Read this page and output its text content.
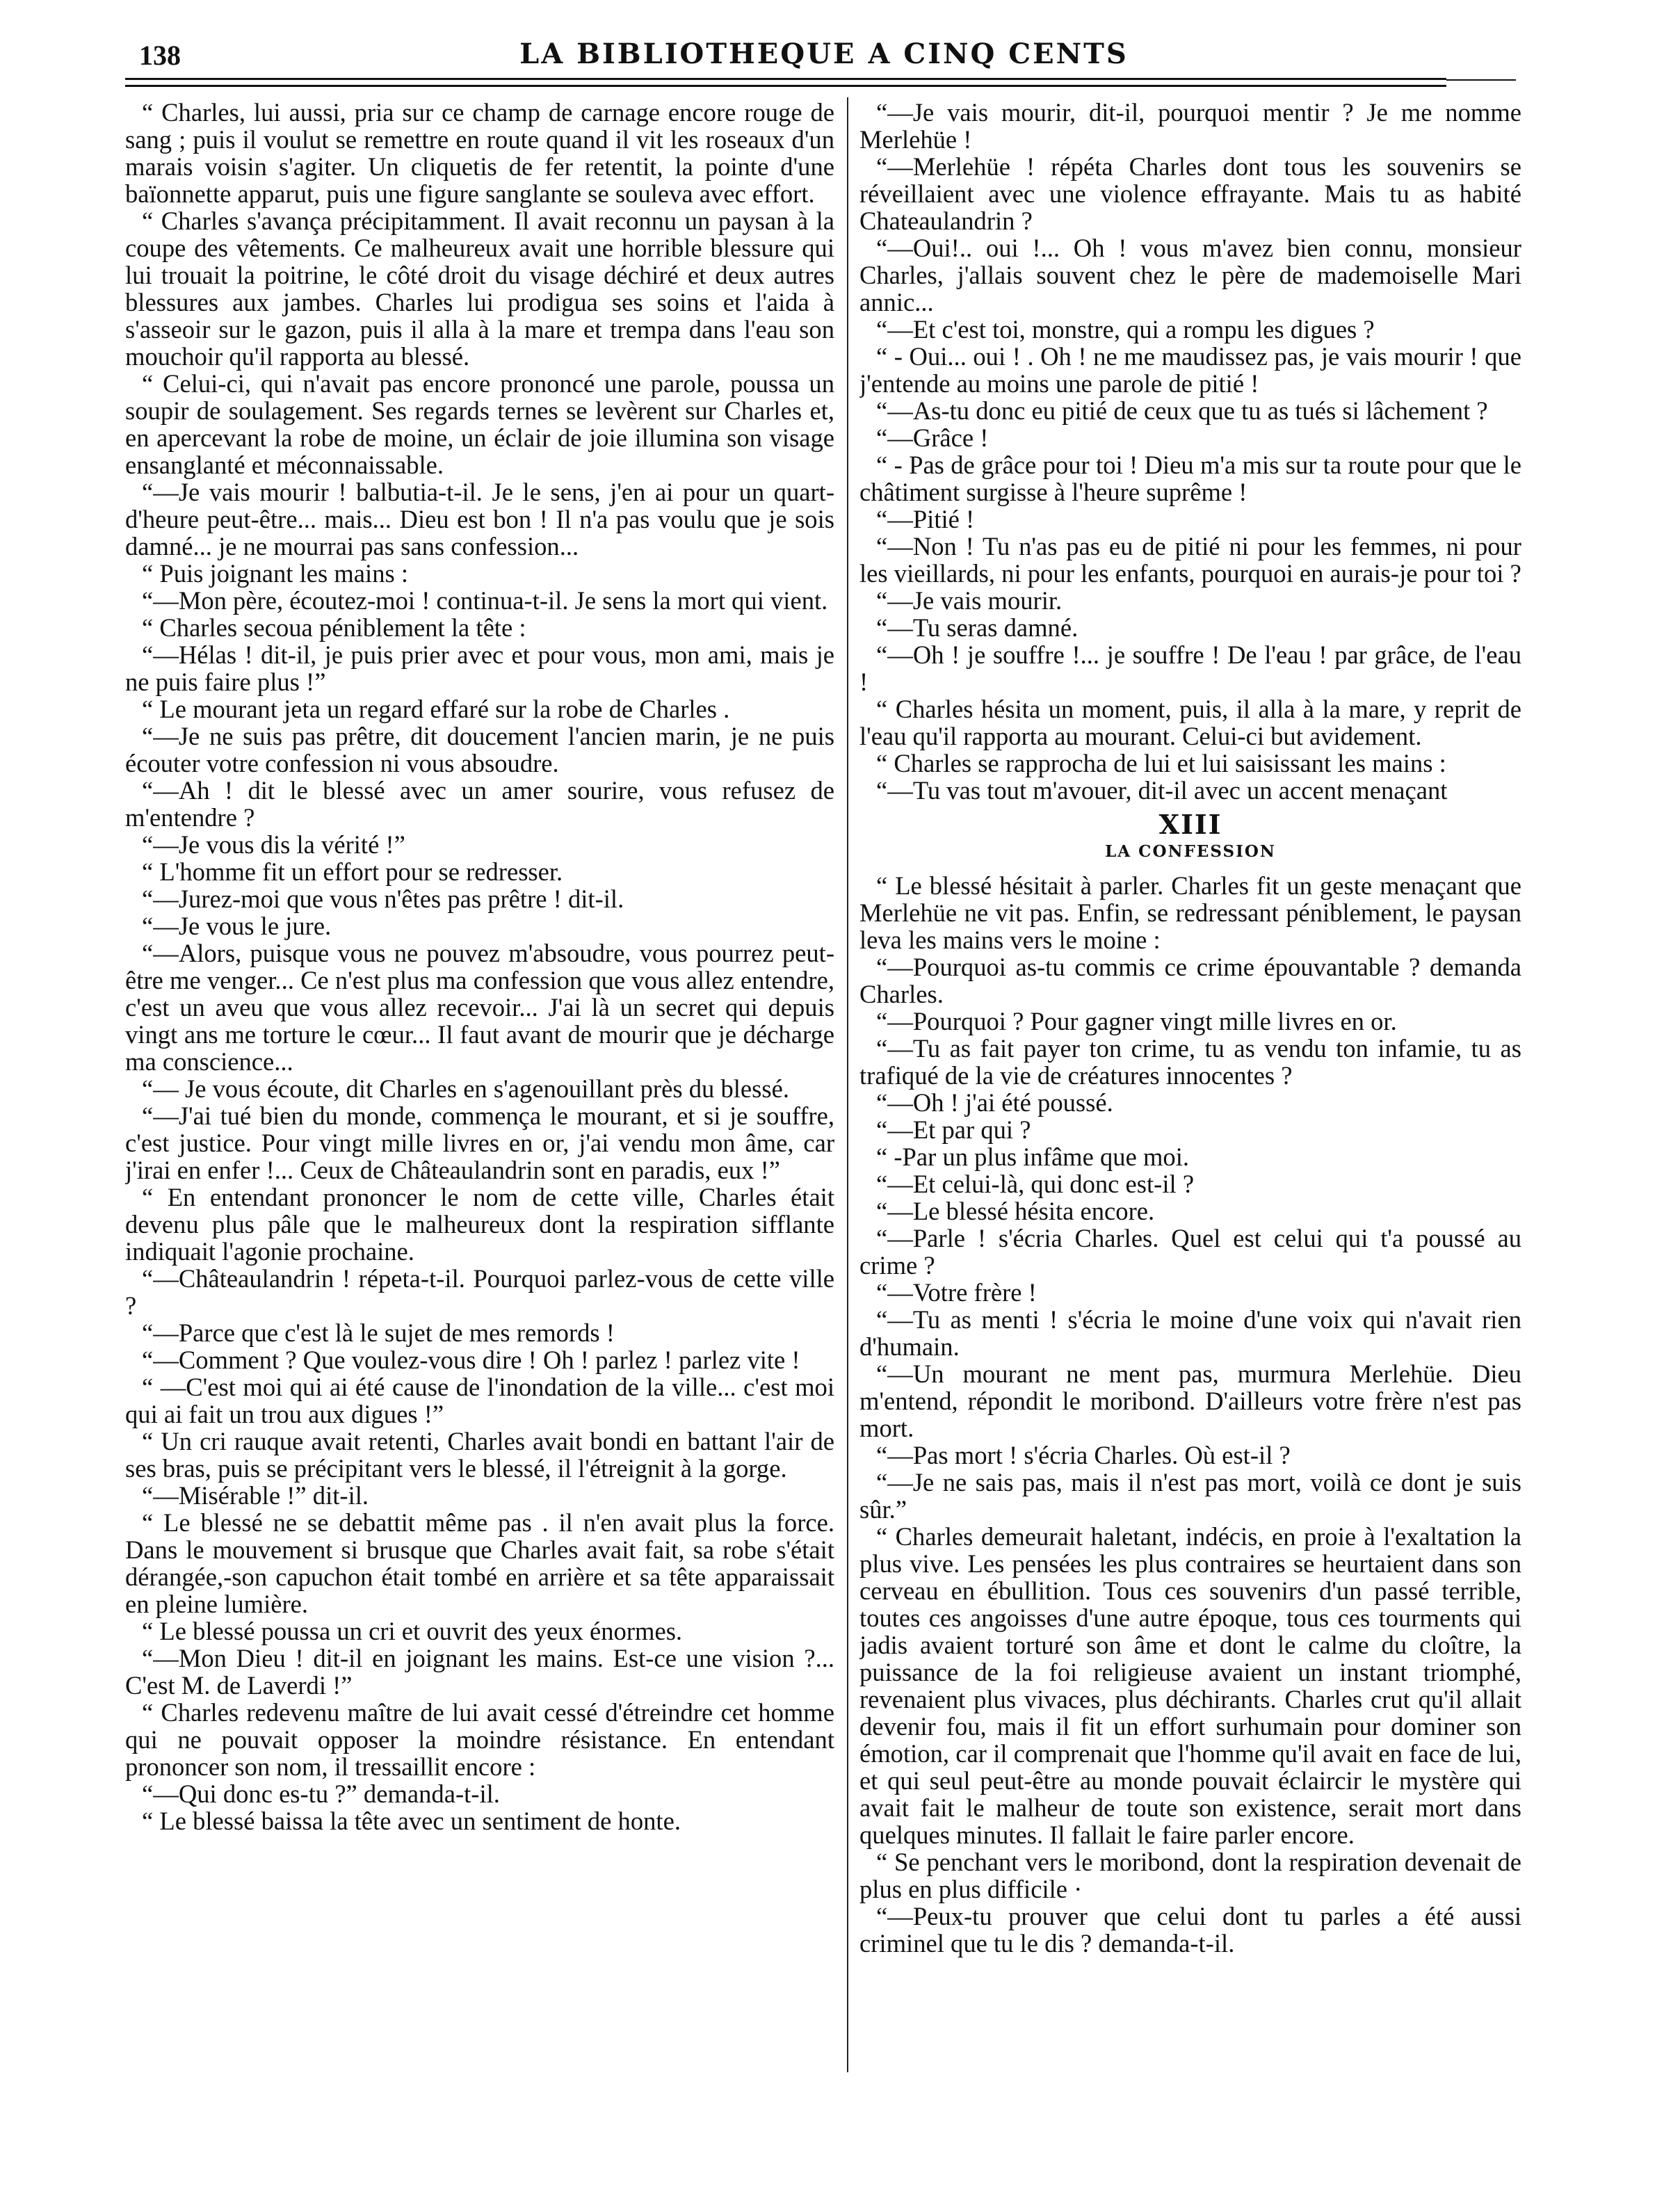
138	LA BIBLIOTHEQUE A CINQ CENTS

“ Charles, lui aussi, pria sur ce champ de carnage encore rouge de sang ; puis il voulut se remettre en route quand il vit les roseaux d'un marais voisin s'agiter. Un cliquetis de fer retentit, la pointe d'une baïonnette apparut, puis une figure sanglante se souleva avec effort.

“ Charles s'avança précipitamment. Il avait reconnu un paysan à la coupe des vêtements. Ce malheureux avait une horrible blessure qui lui trouait la poitrine, le côté droit du visage déchiré et deux autres blessures aux jambes. Charles lui prodigua ses soins et l'aida à s'asseoir sur le gazon, puis il alla à la mare et trempa dans l'eau son mouchoir qu'il rapporta au blessé.

“ Celui-ci, qui n'avait pas encore prononcé une parole, poussa un soupir de soulagement. Ses regards ternes se levèrent sur Charles et, en apercevant la robe de moine, un éclair de joie illumina son visage ensanglanté et méconnaissable.

“—Je vais mourir ! balbutia-t-il. Je le sens, j'en ai pour un quart-d'heure peut-être... mais... Dieu est bon ! Il n'a pas voulu que je sois damné... je ne mourrai pas sans confession...

“ Puis joignant les mains :

“—Mon père, écoutez-moi ! continua-t-il. Je sens la mort qui vient.

“ Charles secoua péniblement la tête :

“—Hélas ! dit-il, je puis prier avec et pour vous, mon ami, mais je ne puis faire plus !”

“ Le mourant jeta un regard effaré sur la robe de Charles .

“—Je ne suis pas prêtre, dit doucement l'ancien marin, je ne puis écouter votre confession ni vous absoudre.

“—Ah ! dit le blessé avec un amer sourire, vous refusez de m'entendre ?

“—Je vous dis la vérité !”

“ L'homme fit un effort pour se redresser.

“—Jurez-moi que vous n'êtes pas prêtre ! dit-il.

“—Je vous le jure.

“—Alors, puisque vous ne pouvez m'absoudre, vous pourrez peut-être me venger... Ce n'est plus ma confession que vous allez entendre, c'est un aveu que vous allez recevoir... J'ai là un secret qui depuis vingt ans me torture le cœur... Il faut avant de mourir que je décharge ma conscience...

“— Je vous écoute, dit Charles en s'agenouillant près du blessé.

“—J'ai tué bien du monde, commença le mourant, et si je souffre, c'est justice. Pour vingt mille livres en or, j'ai vendu mon âme, car j'irai en enfer !... Ceux de Châteaulandrin sont en paradis, eux !”

“ En entendant prononcer le nom de cette ville, Charles était devenu plus pâle que le malheureux dont la respiration sifflante indiquait l'agonie prochaine.

“—Châteaulandrin ! répeta-t-il. Pourquoi parlez-vous de cette ville ?

“—Parce que c'est là le sujet de mes remords !

“—Comment ? Que voulez-vous dire ! Oh ! parlez ! parlez vite !

“ —C'est moi qui ai été cause de l'inondation de la ville... c'est moi qui ai fait un trou aux digues !”

“ Un cri rauque avait retenti, Charles avait bondi en battant l'air de ses bras, puis se précipitant vers le blessé, il l'étreignit à la gorge.

“—Misérable !” dit-il.

“ Le blessé ne se debattit même pas . il n'en avait plus la force. Dans le mouvement si brusque que Charles avait fait, sa robe s'était dérangée,-son capuchon était tombé en arrière et sa tête apparaissait en pleine lumière.

“ Le blessé poussa un cri et ouvrit des yeux énormes.

“—Mon Dieu ! dit-il en joignant les mains. Est-ce une vision ?... C'est M. de Laverdi !”

“ Charles redevenu maître de lui avait cessé d'étreindre cet homme qui ne pouvait opposer la moindre résistance. En entendant prononcer son nom, il tressaillit encore :

“—Qui donc es-tu ?” demanda-t-il.

“ Le blessé baissa la tête avec un sentiment de honte.

“—Je vais mourir, dit-il, pourquoi mentir ? Je me nomme Merlehüe !

“—Merlehüe ! répéta Charles dont tous les souvenirs se réveillaient avec une violence effrayante. Mais tu as habité Chateaulandrin ?

“—Oui!.. oui !... Oh ! vous m'avez bien connu, monsieur Charles, j'allais souvent chez le père de mademoiselle Mari annic...

“—Et c'est toi, monstre, qui a rompu les digues ?

“ - Oui... oui ! . Oh ! ne me maudissez pas, je vais mourir ! que j'entende au moins une parole de pitié !

“—As-tu donc eu pitié de ceux que tu as tués si lâchement ?

“—Grâce !

“ - Pas de grâce pour toi ! Dieu m'a mis sur ta route pour que le châtiment surgisse à l'heure suprême !

“—Pitié !

“—Non ! Tu n'as pas eu de pitié ni pour les femmes, ni pour les vieillards, ni pour les enfants, pourquoi en aurais-je pour toi ?

“—Je vais mourir.

“—Tu seras damné.

“—Oh ! je souffre !... je souffre ! De l'eau ! par grâce, de l'eau !

“ Charles hésita un moment, puis, il alla à la mare, y reprit de l'eau qu'il rapporta au mourant. Celui-ci but avidement.

“ Charles se rapprocha de lui et lui saisissant les mains :

“—Tu vas tout m'avouer, dit-il avec un accent menaçant

XIII
LA CONFESSION

“ Le blessé hésitait à parler. Charles fit un geste menaçant que Merlehüe ne vit pas. Enfin, se redressant péniblement, le paysan leva les mains vers le moine :

“—Pourquoi as-tu commis ce crime épouvantable ? demanda Charles.

“—Pourquoi ? Pour gagner vingt mille livres en or.

“—Tu as fait payer ton crime, tu as vendu ton infamie, tu as trafiqué de la vie de créatures innocentes ?

“—Oh ! j'ai été poussé.

“—Et par qui ?

“ -Par un plus infâme que moi.

“—Et celui-là, qui donc est-il ?

“—Le blessé hésita encore.

“—Parle ! s'écria Charles. Quel est celui qui t'a poussé au crime ?

“—Votre frère !

“—Tu as menti ! s'écria le moine d'une voix qui n'avait rien d'humain.

“—Un mourant ne ment pas, murmura Merlehüe. Dieu m'entend, répondit le moribond. D'ailleurs votre frère n'est pas mort.

“—Pas mort ! s'écria Charles. Où est-il ?

“—Je ne sais pas, mais il n'est pas mort, voilà ce dont je suis sûr.”

“ Charles demeurait haletant, indécis, en proie à l'exaltation la plus vive. Les pensées les plus contraires se heurtaient dans son cerveau en ébullition. Tous ces souvenirs d'un passé terrible, toutes ces angoisses d'une autre époque, tous ces tourments qui jadis avaient torturé son âme et dont le calme du cloître, la puissance de la foi religieuse avaient un instant triomphé, revenaient plus vivaces, plus déchirants. Charles crut qu'il allait devenir fou, mais il fit un effort surhumain pour dominer son émotion, car il comprenait que l'homme qu'il avait en face de lui, et qui seul peut-être au monde pouvait éclaircir le mystère qui avait fait le malheur de toute son existence, serait mort dans quelques minutes. Il fallait le faire parler encore.

“ Se penchant vers le moribond, dont la respiration devenait de plus en plus difficile ·

“—Peux-tu prouver que celui dont tu parles a été aussi criminel que tu le dis ? demanda-t-il.
